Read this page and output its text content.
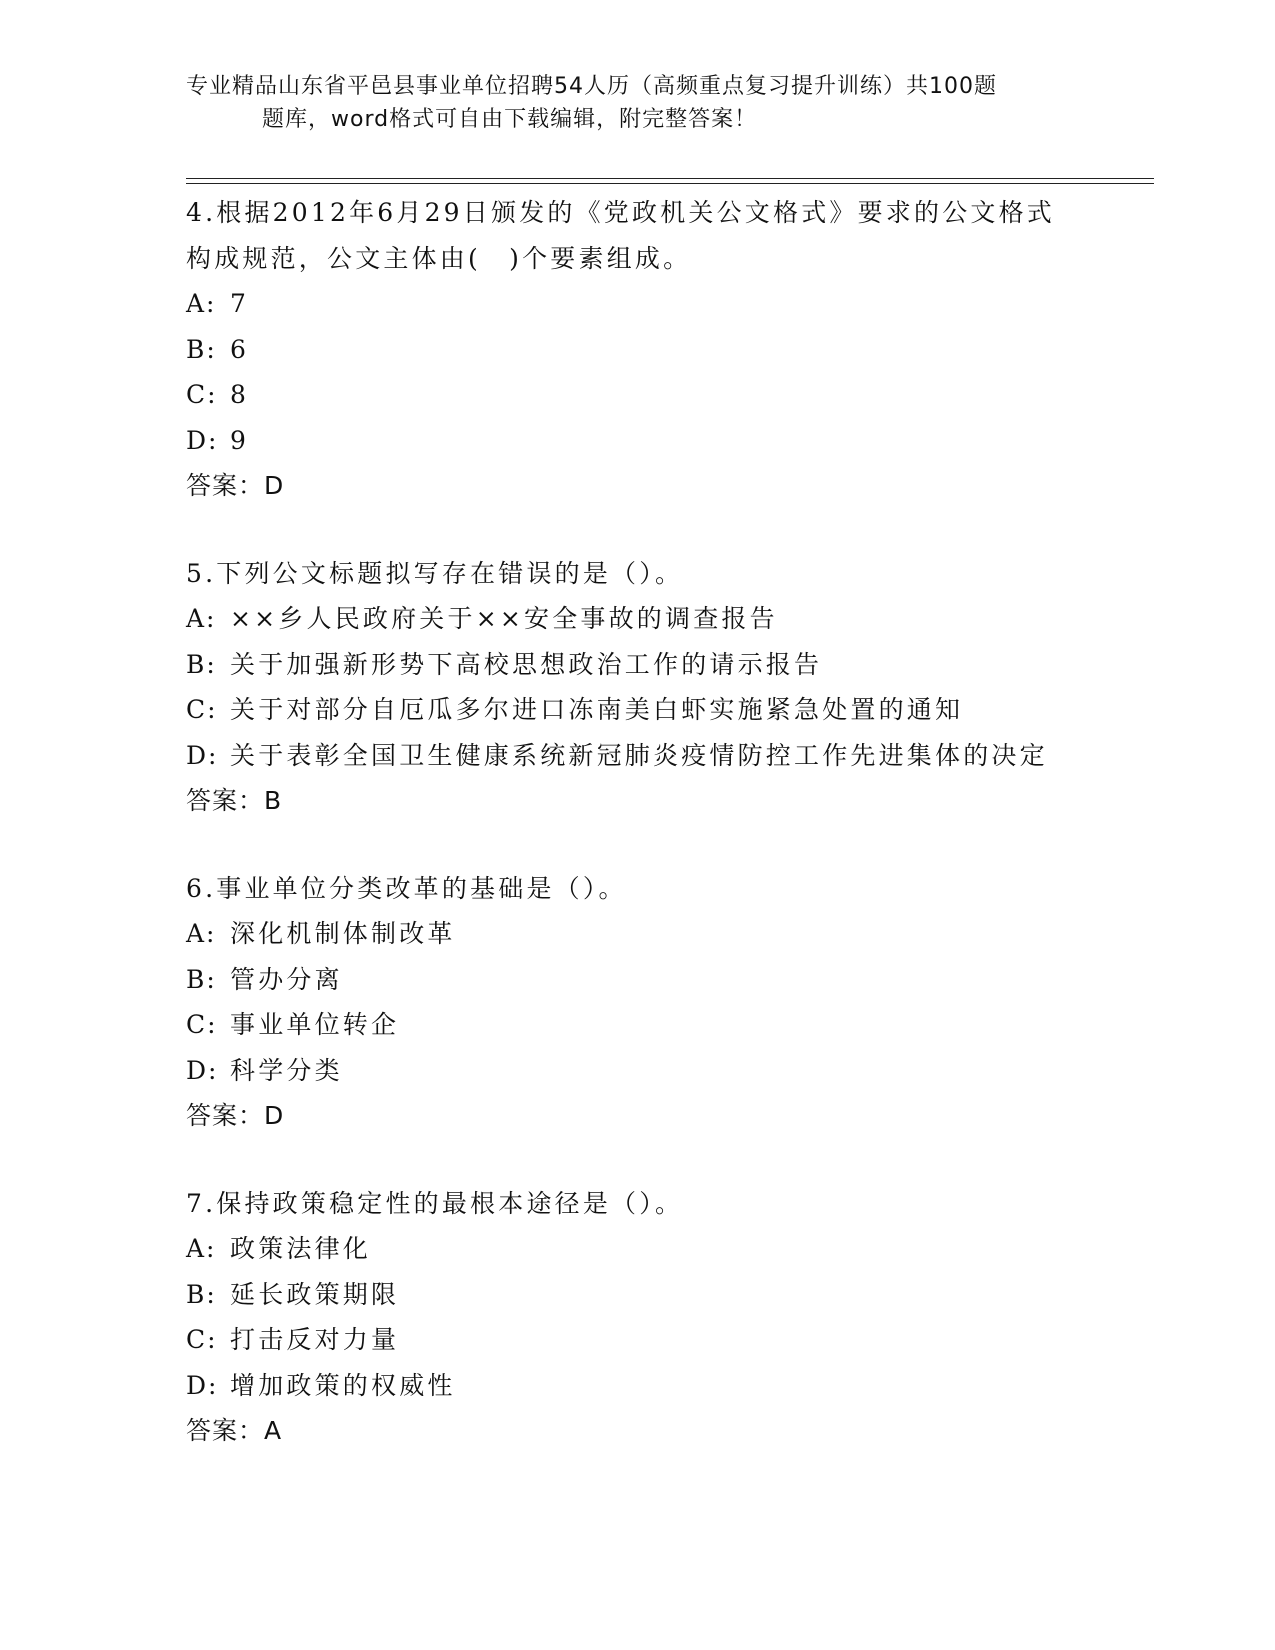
专业精品山东省平邑县事业单位招聘54人历（高频重点复习提升训练）共100题
题库，word格式可自由下载编辑，附完整答案！

4.根据2012年6月29日颁发的《党政机关公文格式》要求的公文格式构成规范，公文主体由(　)个要素组成。

A: 7

B: 6

C: 8

D: 9

答案：D

5.下列公文标题拟写存在错误的是（）。

A: ××乡人民政府关于××安全事故的调查报告

B: 关于加强新形势下高校思想政治工作的请示报告

C: 关于对部分自厄瓜多尔进口冻南美白虾实施紧急处置的通知

D: 关于表彰全国卫生健康系统新冠肺炎疫情防控工作先进集体的决定

答案：B

6.事业单位分类改革的基础是（）。

A: 深化机制体制改革

B: 管办分离

C: 事业单位转企

D: 科学分类

答案：D

7.保持政策稳定性的最根本途径是（）。

A: 政策法律化

B: 延长政策期限

C: 打击反对力量

D: 增加政策的权威性

答案：A
